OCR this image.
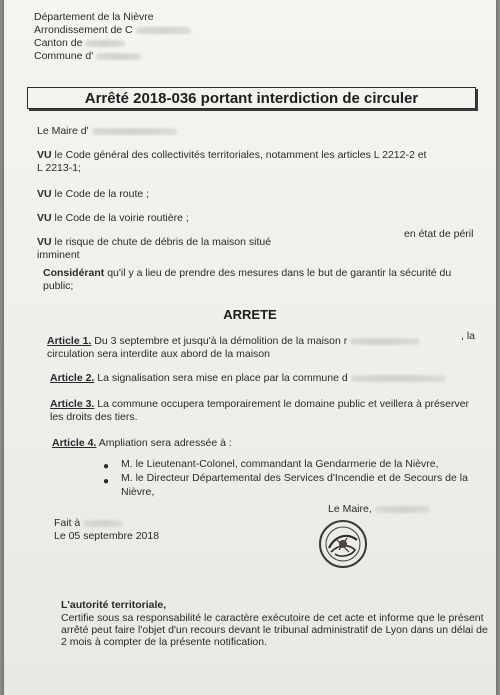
Département de la Nièvre
Arrondissement de C
Canton de
Commune d'
Arrêté 2018-036 portant interdiction de circuler
Le Maire d'
VU le Code général des collectivités territoriales, notamment les articles L 2212-2 et
L 2213-1;
VU le Code de la route ;
VU le Code de la voirie routière ;
VU le risque de chute de débris de la maison situé
en état de péril
imminent
Considérant qu'il y a lieu de prendre des mesures dans le but de garantir la sécurité du
public;
ARRETE
Article 1. Du 3 septembre et jusqu'à la démolition de la maison r	, la
circulation sera interdite aux abord de la maison
Article 2. La signalisation sera mise en place par la commune d
Article 3. La commune occupera temporairement le domaine public et veillera à préserver
les droits des tiers.
Article 4. Ampliation sera adressée à :
● M. le Lieutenant-Colonel, commandant la Gendarmerie de la Nièvre,
● M. le Directeur Départemental des Services d'Incendie et de Secours de la
Nièvre,
Le Maire,
Fait à
Le 05 septembre 2018
L'autorité territoriale,
Certifie sous sa responsabilité le caractère exécutoire de cet acte et informe que le présent
arrêté peut faire l'objet d'un recours devant le tribunal administratif de Lyon dans un délai de
2 mois à compter de la présente notification.
